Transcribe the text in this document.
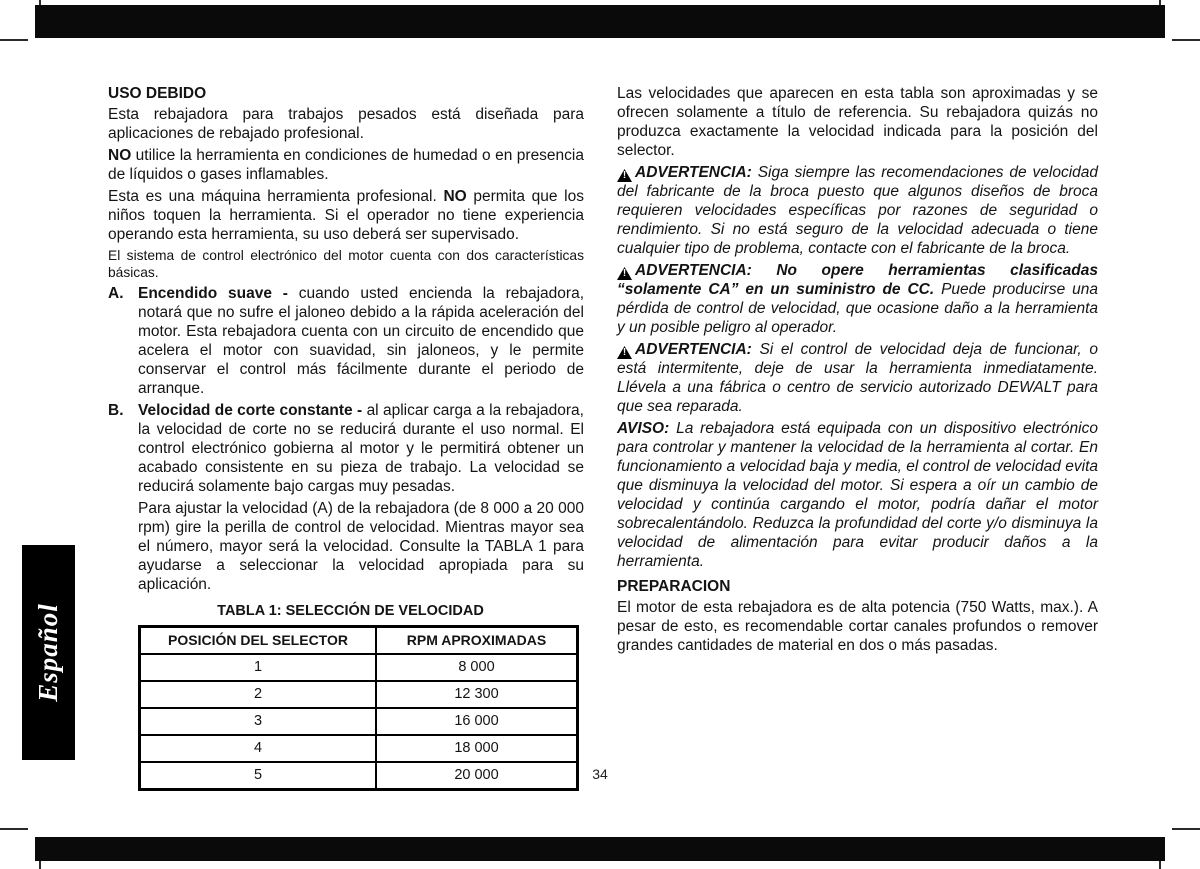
Español
USO DEBIDO

Esta rebajadora para trabajos pesados está diseñada para aplicaciones de rebajado profesional.

NO utilice la herramienta en condiciones de humedad o en presencia de líquidos o gases inflamables.

Esta es una máquina herramienta profesional. NO permita que los niños toquen la herramienta. Si el operador no tiene experiencia operando esta herramienta, su uso deberá ser supervisado.

El sistema de control electrónico del motor cuenta con dos características básicas.

A. Encendido suave - cuando usted encienda la rebajadora, notará que no sufre el jaloneo debido a la rápida aceleración del motor. Esta rebajadora cuenta con un circuito de encendido que acelera el motor con suavidad, sin jaloneos, y le permite conservar el control más fácilmente durante el periodo de arranque.
B. Velocidad de corte constante - al aplicar carga a la rebajadora, la velocidad de corte no se reducirá durante el uso normal. El control electrónico gobierna al motor y le permitirá obtener un acabado consistente en su pieza de trabajo. La velocidad se reducirá solamente bajo cargas muy pesadas.

Para ajustar la velocidad (A) de la rebajadora (de 8 000 a 20 000 rpm) gire la perilla de control de velocidad. Mientras mayor sea el número, mayor será la velocidad. Consulte la TABLA 1 para ayudarse a seleccionar la velocidad apropiada para su aplicación.

TABLA 1: SELECCIÓN DE VELOCIDAD
POSICIÓN DEL SELECTOR	RPM APROXIMADAS
1	8 000
2	12 300
3	16 000
4	18 000
5	20 000

Las velocidades que aparecen en esta tabla son aproximadas y se ofrecen solamente a título de referencia. Su rebajadora quizás no produzca exactamente la velocidad indicada para la posición del selector.

!ADVERTENCIA: Siga siempre las recomendaciones de velocidad del fabricante de la broca puesto que algunos diseños de broca requieren velocidades específicas por razones de seguridad o rendimiento. Si no está seguro de la velocidad adecuada o tiene cualquier tipo de problema, contacte con el fabricante de la broca.

!ADVERTENCIA: No opere herramientas clasificadas “solamente CA” en un suministro de CC. Puede producirse una pérdida de control de velocidad, que ocasione daño a la herramienta y un posible peligro al operador.

!ADVERTENCIA: Si el control de velocidad deja de funcionar, o está intermitente, deje de usar la herramienta inmediatamente. Llévela a una fábrica o centro de servicio autorizado DEWALT para que sea reparada.

AVISO: La rebajadora está equipada con un dispositivo electrónico para controlar y mantener la velocidad de la herramienta al cortar. En funcionamiento a velocidad baja y media, el control de velocidad evita que disminuya la velocidad del motor. Si espera a oír un cambio de velocidad y continúa cargando el motor, podría dañar el motor sobrecalentándolo. Reduzca la profundidad del corte y/o disminuya la velocidad de alimentación para evitar producir daños a la herramienta.

PREPARACION

El motor de esta rebajadora es de alta potencia (750 Watts, max.). A pesar de esto, es recomendable cortar canales profundos o remover grandes cantidades de material en dos o más pasadas.

34
